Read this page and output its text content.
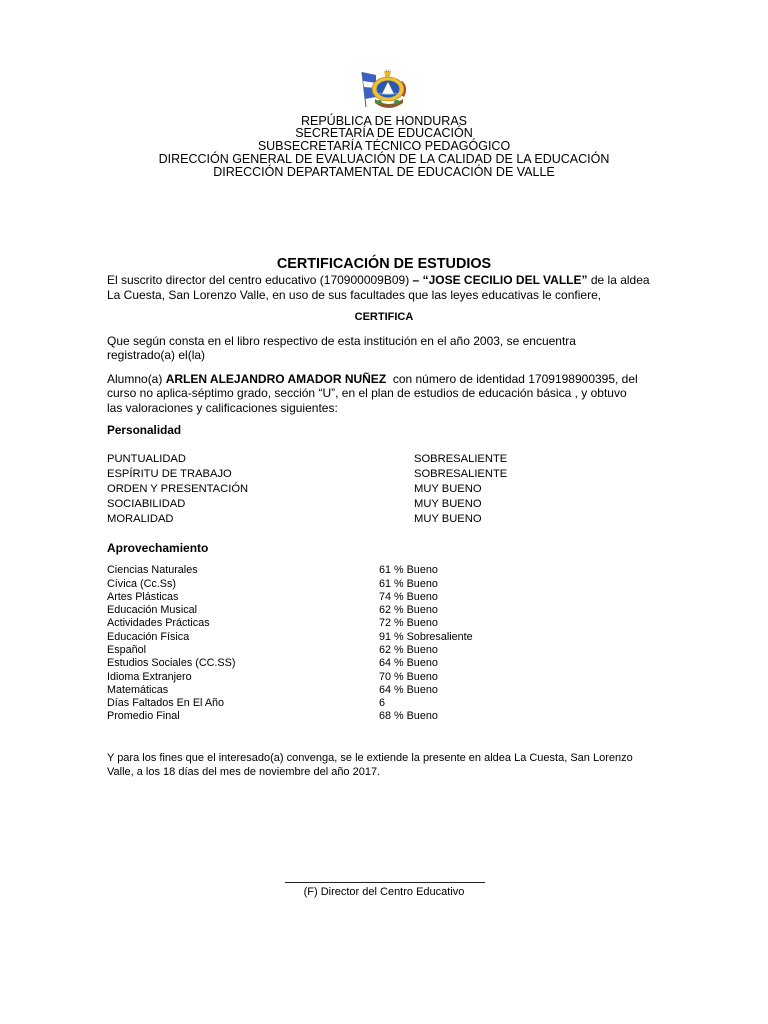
REPÚBLICA DE HONDURAS
SECRETARÍA DE EDUCACIÓN
SUBSECRETARÍA TÉCNICO PEDAGÓGICO
DIRECCIÓN GENERAL DE EVALUACIÓN DE LA CALIDAD DE LA EDUCACIÓN
DIRECCIÓN DEPARTAMENTAL DE EDUCACIÓN DE VALLE
CERTIFICACIÓN DE ESTUDIOS
El suscrito director del centro educativo (170900009B09) – “JOSE CECILIO DEL VALLE” de la aldea
La Cuesta, San Lorenzo Valle, en uso de sus facultades que las leyes educativas le confiere,
CERTIFICA
Que según consta en el libro respectivo de esta institución en el año 2003, se encuentra
registrado(a) el(la)
Alumno(a) ARLEN ALEJANDRO AMADOR NUÑEZ con número de identidad 1709198900395, del
curso no aplica-séptimo grado, sección “U”, en el plan de estudios de educación básica , y obtuvo
las valoraciones y calificaciones siguientes:
Personalidad
PUNTUALIDAD	SOBRESALIENTE
ESPÍRITU DE TRABAJO	SOBRESALIENTE
ORDEN Y PRESENTACIÓN	MUY BUENO
SOCIABILIDAD	MUY BUENO
MORALIDAD	MUY BUENO
Aprovechamiento
Ciencias Naturales	61 % Bueno
Cívica (Cc.Ss)	61 % Bueno
Artes Plásticas	74 % Bueno
Educación Musical	62 % Bueno
Actividades Prácticas	72 % Bueno
Educación Física	91 % Sobresaliente
Español	62 % Bueno
Estudios Sociales (CC.SS)	64 % Bueno
Idioma Extranjero	70 % Bueno
Matemáticas	64 % Bueno
Días Faltados En El Año	6
Promedio Final	68 % Bueno
Y para los fines que el interesado(a) convenga, se le extiende la presente en aldea La Cuesta, San Lorenzo
Valle, a los 18 días del mes de noviembre del año 2017.
(F) Director del Centro Educativo
